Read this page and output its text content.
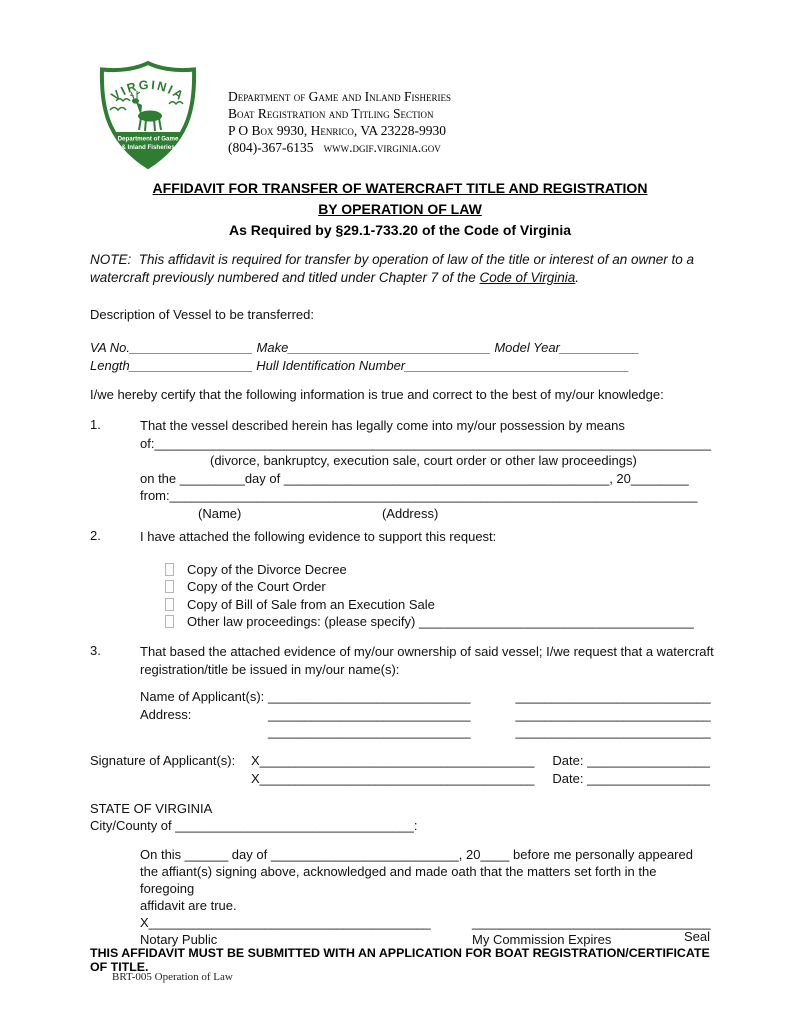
VIRGINIA
Department of Game
& Inland Fisheries
Department of Game and Inland Fisheries
Boat Registration and Titling Section
P O Box 9930, Henrico, VA 23228-9930
(804)-367-6135   www.dgif.virginia.gov
AFFIDAVIT FOR TRANSFER OF WATERCRAFT TITLE AND REGISTRATION
BY OPERATION OF LAW
As Required by §29.1-733.20 of the Code of Virginia
NOTE:  This affidavit is required for transfer by operation of law of the title or interest of an owner to a watercraft previously numbered and titled under Chapter 7 of the Code of Virginia.
Description of Vessel to be transferred:
VA No._________________ Make____________________________ Model Year___________
Length_________________ Hull Identification Number_______________________________
I/we hereby certify that the following information is true and correct to the best of my/our knowledge:
1.	That the vessel described herein has legally come into my/our possession by means
of:_____________________________________________________________________________
(divorce, bankruptcy, execution sale, court order or other law proceedings)
on the _________day of _____________________________________________, 20________
from:_________________________________________________________________________
(Name)	(Address)
2.	I have attached the following evidence to support this request:
Copy of the Divorce Decree
Copy of the Court Order
Copy of Bill of Sale from an Execution Sale
Other law proceedings: (please specify) ______________________________________
3.	That based the attached evidence of my/our ownership of said vessel; I/we request that a watercraft
registration/title be issued in my/our name(s):
Name of Applicant(s): ____________________________	___________________________
Address:	____________________________	___________________________
____________________________	___________________________
Signature of Applicant(s):	X______________________________________ Date: _________________
X______________________________________ Date: _________________
STATE OF VIRGINIA
City/County of _________________________________:
On this ______ day of __________________________, 20____ before me personally appeared
the affiant(s) signing above, acknowledged and made oath that the matters set forth in the foregoing
affidavit are true.
X_______________________________________	_________________________________
Notary Public	My Commission Expires	Seal
THIS AFFIDAVIT MUST BE SUBMITTED WITH AN APPLICATION FOR BOAT REGISTRATION/CERTIFICATE OF TITLE.
BRT-005 Operation of Law
